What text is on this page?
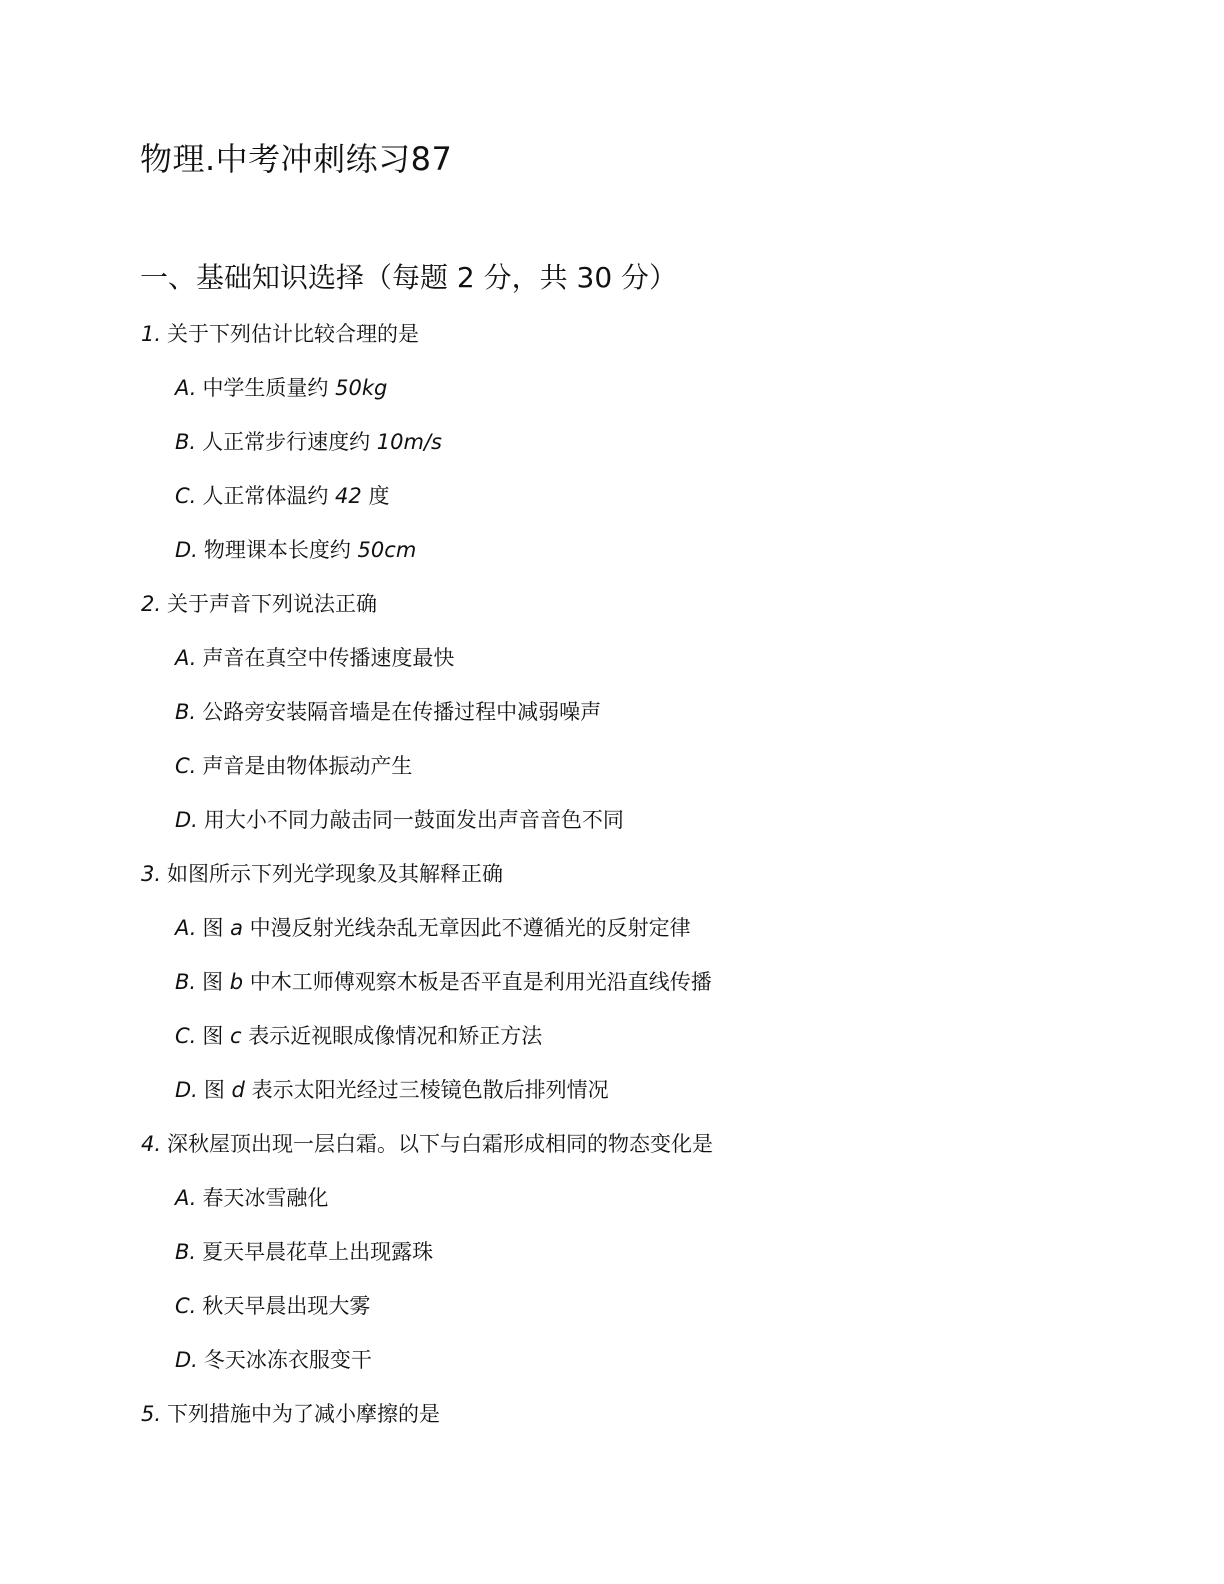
物理.中考冲刺练习87
一、基础知识选择（每题 2 分，共 30 分）
1. 关于下列估计比较合理的是
A. 中学生质量约 50kg
B. 人正常步行速度约 10m/s
C. 人正常体温约 42 度
D. 物理课本长度约 50cm
2. 关于声音下列说法正确
A. 声音在真空中传播速度最快
B. 公路旁安装隔音墙是在传播过程中减弱噪声
C. 声音是由物体振动产生
D. 用大小不同力敲击同一鼓面发出声音音色不同
3. 如图所示下列光学现象及其解释正确
A. 图 a 中漫反射光线杂乱无章因此不遵循光的反射定律
B. 图 b 中木工师傅观察木板是否平直是利用光沿直线传播
C. 图 c 表示近视眼成像情况和矫正方法
D. 图 d 表示太阳光经过三棱镜色散后排列情况
4. 深秋屋顶出现一层白霜。以下与白霜形成相同的物态变化是
A. 春天冰雪融化
B. 夏天早晨花草上出现露珠
C. 秋天早晨出现大雾
D. 冬天冰冻衣服变干
5. 下列措施中为了减小摩擦的是
